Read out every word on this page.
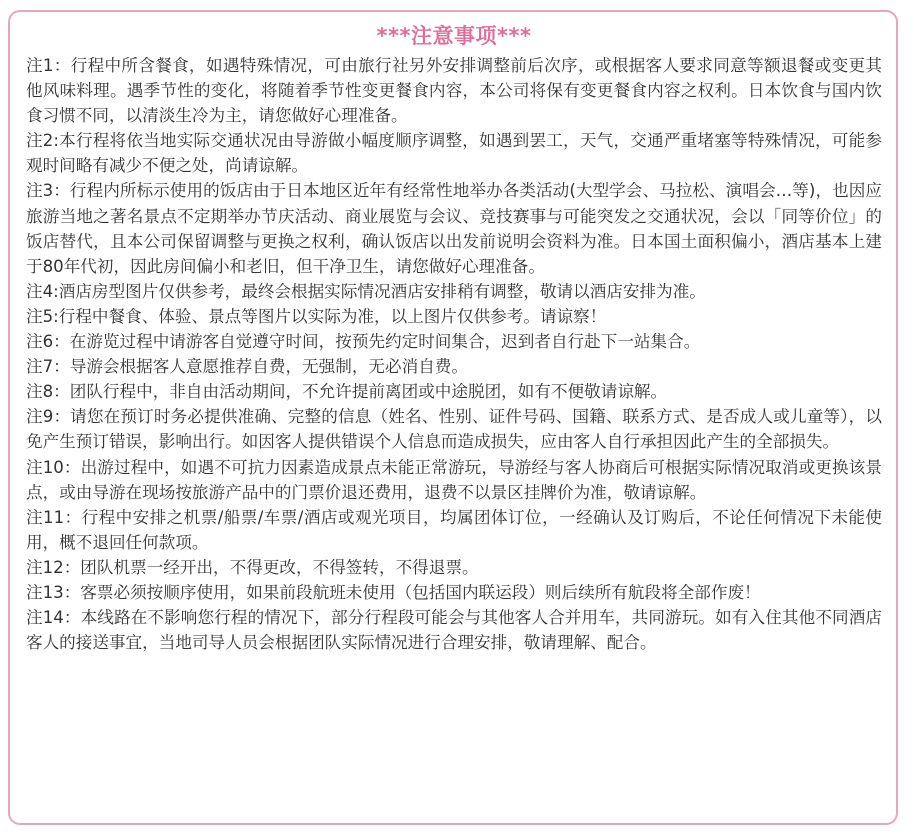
***注意事项***

注1：行程中所含餐食，如遇特殊情况，可由旅行社另外安排调整前后次序，或根据客人要求同意等额退餐或变更其他风味料理。遇季节性的变化，将随着季节性变更餐食内容，本公司将保有变更餐食内容之权利。日本饮食与国内饮食习惯不同，以清淡生冷为主，请您做好心理准备。

注2:本行程将依当地实际交通状况由导游做小幅度顺序调整，如遇到罢工，天气，交通严重堵塞等特殊情况，可能参观时间略有减少不便之处，尚请谅解。

注3：行程内所标示使用的饭店由于日本地区近年有经常性地举办各类活动(大型学会、马拉松、演唱会…等)，也因应旅游当地之著名景点不定期举办节庆活动、商业展览与会议、竞技赛事与可能突发之交通状况，会以「同等价位」的饭店替代，且本公司保留调整与更换之权利，确认饭店以出发前说明会资料为准。日本国土面积偏小，酒店基本上建于80年代初，因此房间偏小和老旧，但干净卫生，请您做好心理准备。

注4:酒店房型图片仅供参考，最终会根据实际情况酒店安排稍有调整，敬请以酒店安排为准。

注5:行程中餐食、体验、景点等图片以实际为准，以上图片仅供参考。请谅察！

注6：在游览过程中请游客自觉遵守时间，按预先约定时间集合，迟到者自行赴下一站集合。

注7：导游会根据客人意愿推荐自费，无强制，无必消自费。

注8：团队行程中，非自由活动期间，不允许提前离团或中途脱团，如有不便敬请谅解。

注9：请您在预订时务必提供准确、完整的信息（姓名、性别、证件号码、国籍、联系方式、是否成人或儿童等），以免产生预订错误，影响出行。如因客人提供错误个人信息而造成损失，应由客人自行承担因此产生的全部损失。

注10：出游过程中，如遇不可抗力因素造成景点未能正常游玩，导游经与客人协商后可根据实际情况取消或更换该景点，或由导游在现场按旅游产品中的门票价退还费用，退费不以景区挂牌价为准，敬请谅解。

注11：行程中安排之机票/船票/车票/酒店或观光项目，均属团体订位，一经确认及订购后，不论任何情况下未能使用，概不退回任何款项。

注12：团队机票一经开出，不得更改，不得签转，不得退票。

注13：客票必须按顺序使用，如果前段航班未使用（包括国内联运段）则后续所有航段将全部作废！

注14：本线路在不影响您行程的情况下，部分行程段可能会与其他客人合并用车，共同游玩。如有入住其他不同酒店客人的接送事宜，当地司导人员会根据团队实际情况进行合理安排，敬请理解、配合。
